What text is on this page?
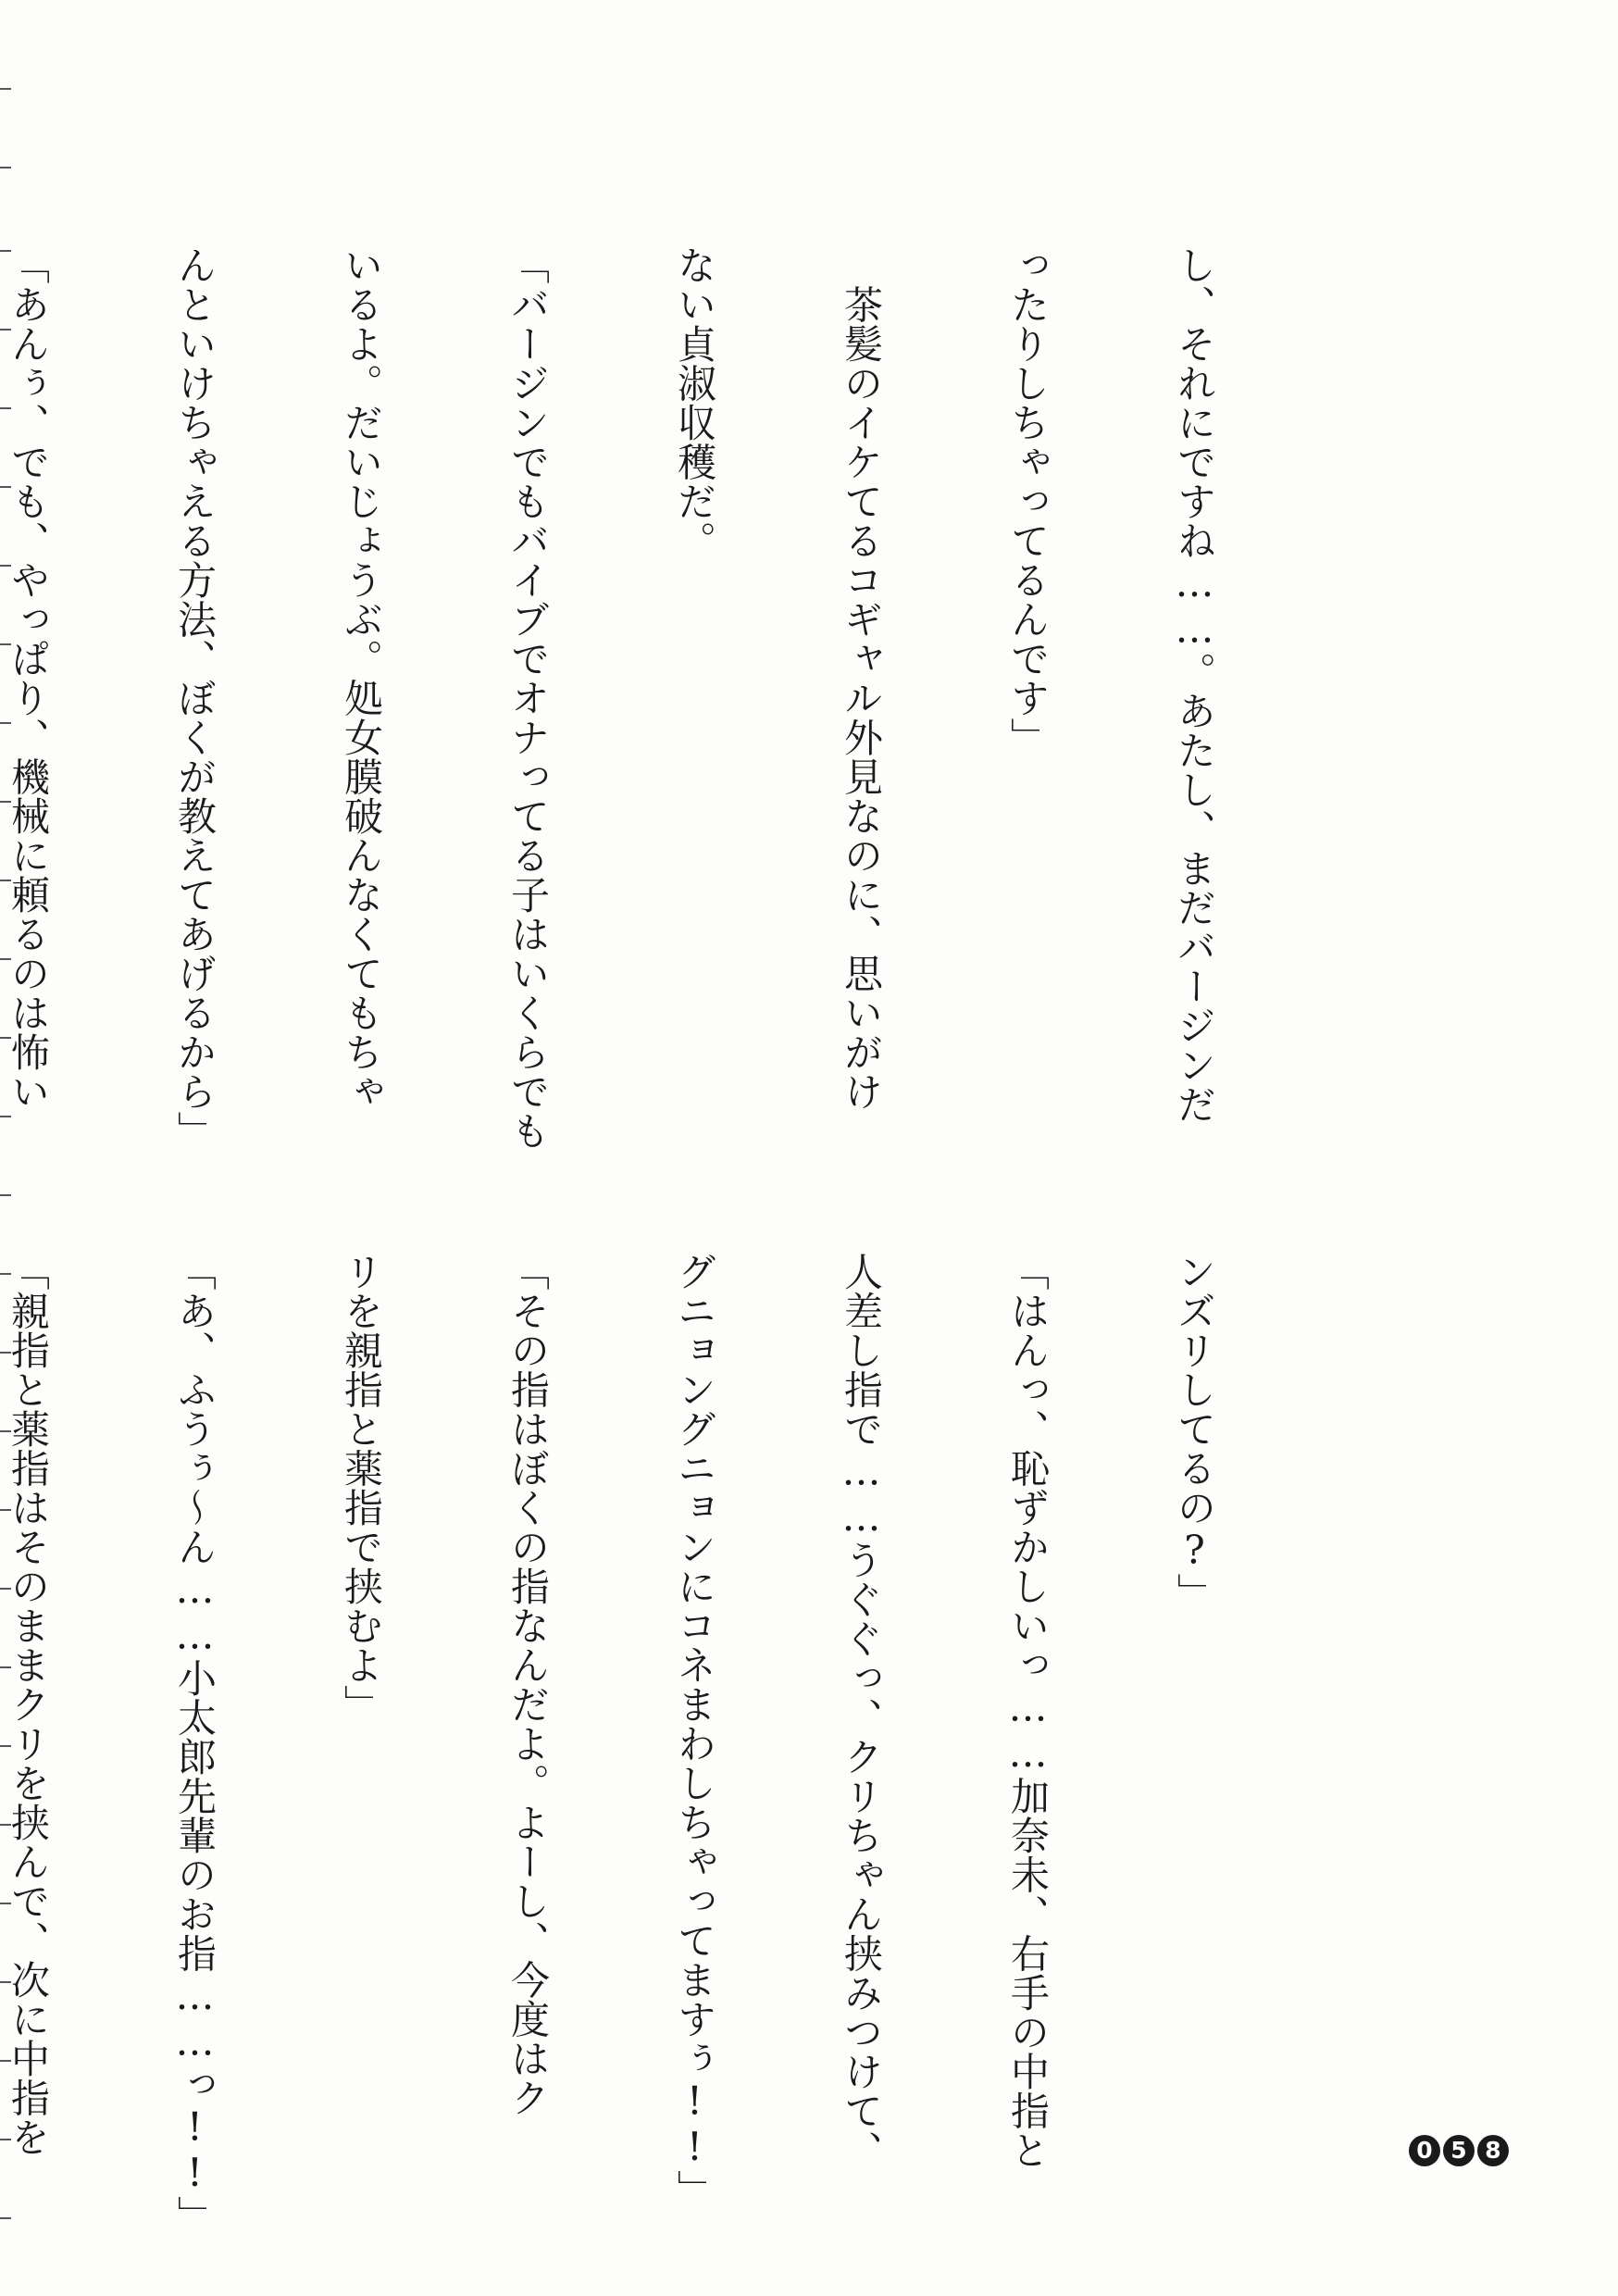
し、それにですね……。あたし、まだバージンだ

ったりしちゃってるんです」

　茶髪のイケてるコギャル外見なのに、思いがけ

ない貞淑収穫だ。

「バージンでもバイブでオナってる子はいくらでも

いるよ。だいじょうぶ。処女膜破んなくてもちゃ

んといけちゃえる方法、ぼくが教えてあげるから」

「あんぅ、でも、やっぱり、機械に頼るのは怖い

ンズリしてるの?」

「はんっ、恥ずかしいっ……加奈未、右手の中指と

人差し指で……うぐぐっ、クリちゃん挟みつけて、

グニョングニョンにコネまわしちゃってますぅ!!」

「その指はぼくの指なんだよ。よーし、今度はク

リを親指と薬指で挟むよ」

「あ、ふうぅ～ん……小太郎先輩のお指……っ!!」

「親指と薬指はそのままクリを挟んで、次に中指を

	0 5 8
